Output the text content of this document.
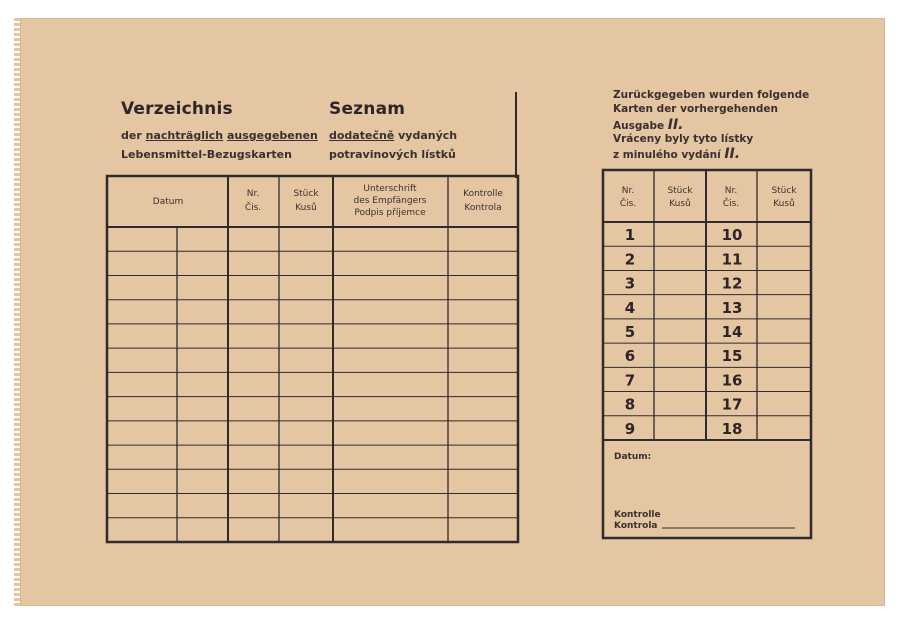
Verzeichnis	Seznam
der nachträglich ausgegebenen
Lebensmittel-Bezugskarten
dodatečně vydaných
potravinových lístků
Zurückgegeben wurden folgende
Karten der vorhergehenden
Ausgabe II.
Vráceny byly tyto lístky
z minulého vydání II.
Datum
Nr.
Čis.
Stück
Kusů
Unterschrift
des Empfängers
Podpis příjemce
Kontrolle
Kontrola
Nr.
Čis.
Stück
Kusů
Nr.
Čis.
Stück
Kusů
1
2
3
4
5
6
7
8
9
10
11
12
13
14
15
16
17
18
Datum:
Kontrolle
Kontrola
